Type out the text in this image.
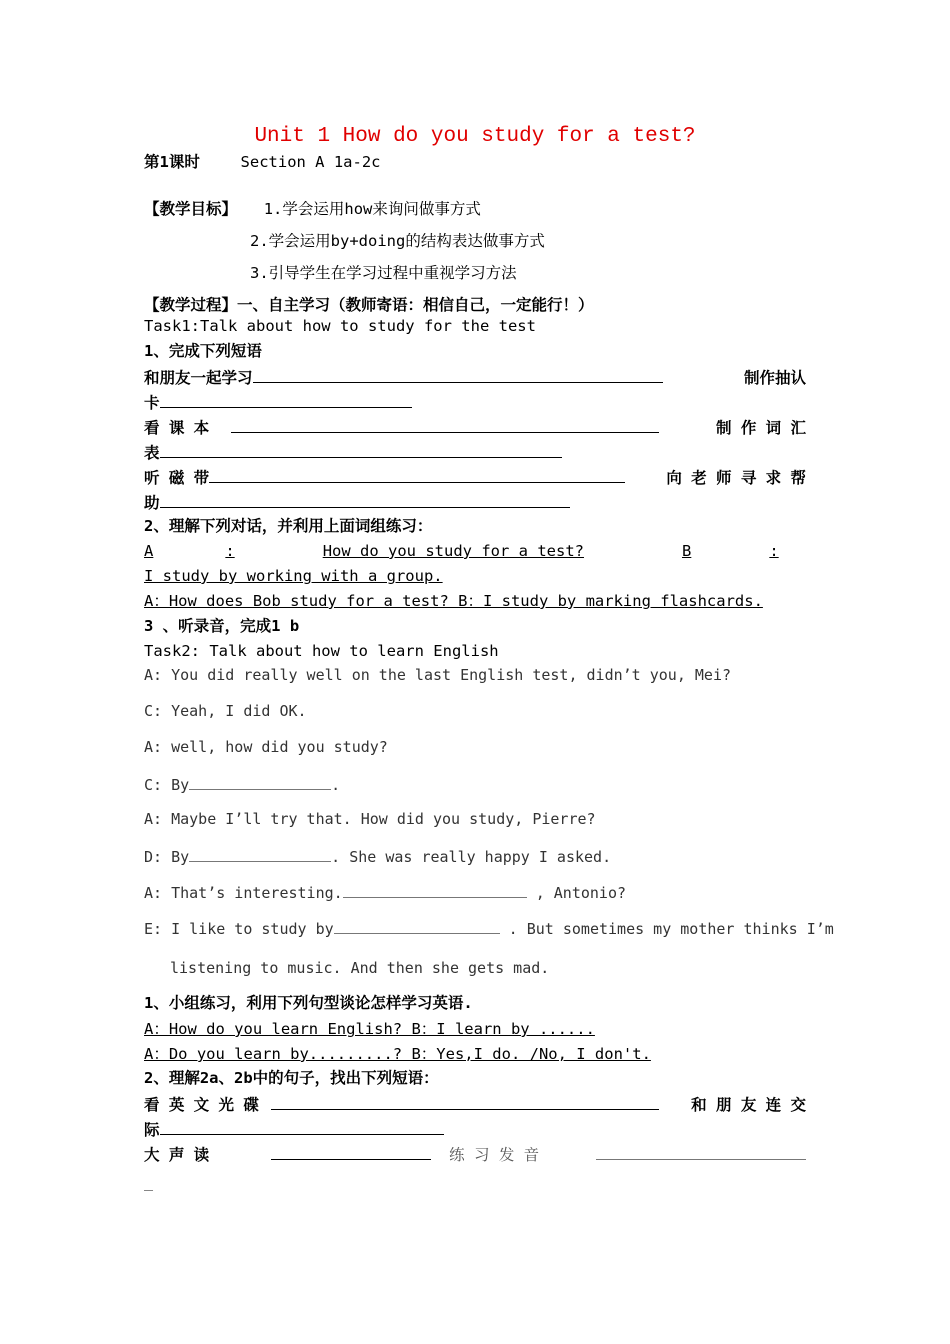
Unit 1 How do you study for a test?
第1课时	Section A 1a-2c
【教学目标】 1.学会运用how来询问做事方式
2.学会运用by+doing的结构表达做事方式
3.引导学生在学习过程中重视学习方法
【教学过程】一、自主学习（教师寄语：相信自己，一定能行！）
Task1:Talk about how to study for the test
1、完成下列短语
和朋友一起学习	制作抽认
卡
看 课 本	制 作 词 汇
表
听 磁 带	向 老 师 寻 求 帮
助
2、理解下列对话，并利用上面词组练习：
A	:	How do you study for a test?	B	:
I study by working with a group.
A：How does Bob study for a test? B：I study by marking flashcards.
3 、听录音，完成1 b
Task2: Talk about how to learn English
A: You did really well on the last English test, didn’t you, Mei?
C: Yeah, I did OK.
A: well, how did you study?
C: By	.
A: Maybe I’ll try that. How did you study, Pierre?
D: By	. She was really happy I asked.
A: That’s interesting.	, Antonio?
E: I like to study by	. But sometimes my mother thinks I’m
listening to music. And then she gets mad.
1、小组练习，利用下列句型谈论怎样学习英语.
A：How do you learn English? B：I learn by ......
A：Do you learn by.........? B：Yes,I do. /No, I don't.
2、理解2a、2b中的句子，找出下列短语：
看 英 文 光 碟	和 朋 友 连 交
际
大 声 读	练 习 发 音
_
